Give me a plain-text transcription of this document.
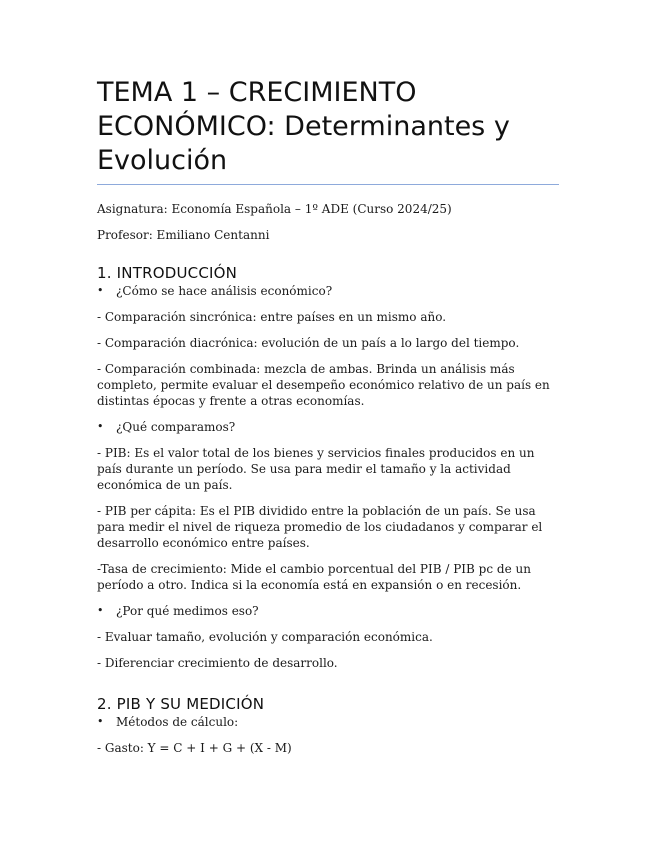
TEMA 1 – CRECIMIENTO ECONÓMICO: Determinantes y Evolución

Asignatura: Economía Española – 1º ADE (Curso 2024/25)

Profesor: Emiliano Centanni

1. INTRODUCCIÓN
• ¿Cómo se hace análisis económico?

- Comparación sincrónica: entre países en un mismo año.

- Comparación diacrónica: evolución de un país a lo largo del tiempo.

- Comparación combinada: mezcla de ambas. Brinda un análisis más completo, permite evaluar el desempeño económico relativo de un país en distintas épocas y frente a otras economías.

• ¿Qué comparamos?

- PIB: Es el valor total de los bienes y servicios finales producidos en un país durante un período. Se usa para medir el tamaño y la actividad económica de un país.

- PIB per cápita: Es el PIB dividido entre la población de un país. Se usa para medir el nivel de riqueza promedio de los ciudadanos y comparar el desarrollo económico entre países.

-Tasa de crecimiento: Mide el cambio porcentual del PIB / PIB pc de un período a otro. Indica si la economía está en expansión o en recesión.

• ¿Por qué medimos eso?

- Evaluar tamaño, evolución y comparación económica.

- Diferenciar crecimiento de desarrollo.

2. PIB Y SU MEDICIÓN
• Métodos de cálculo:

- Gasto: Y = C + I + G + (X - M)
